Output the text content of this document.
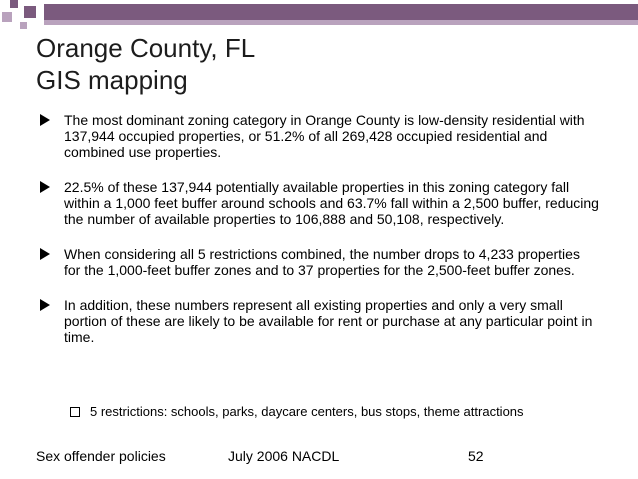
Orange County, FL
GIS mapping
The most dominant zoning category in Orange County is low-density residential with 137,944 occupied properties, or 51.2% of all 269,428 occupied residential and combined use properties.
22.5% of these 137,944 potentially available properties in this zoning category fall within a 1,000 feet buffer around schools and 63.7% fall within a 2,500 buffer, reducing the number of available properties to 106,888 and 50,108, respectively.
When considering all 5 restrictions combined, the number drops to 4,233 properties for the 1,000-feet buffer zones and to 37 properties for the 2,500-feet buffer zones.
In addition, these numbers represent all existing properties and only a very small portion of these are likely to be available for rent or purchase at any particular point in time.
5 restrictions: schools, parks, daycare centers, bus stops, theme attractions
Sex offender policies	July 2006 NACDL	52
